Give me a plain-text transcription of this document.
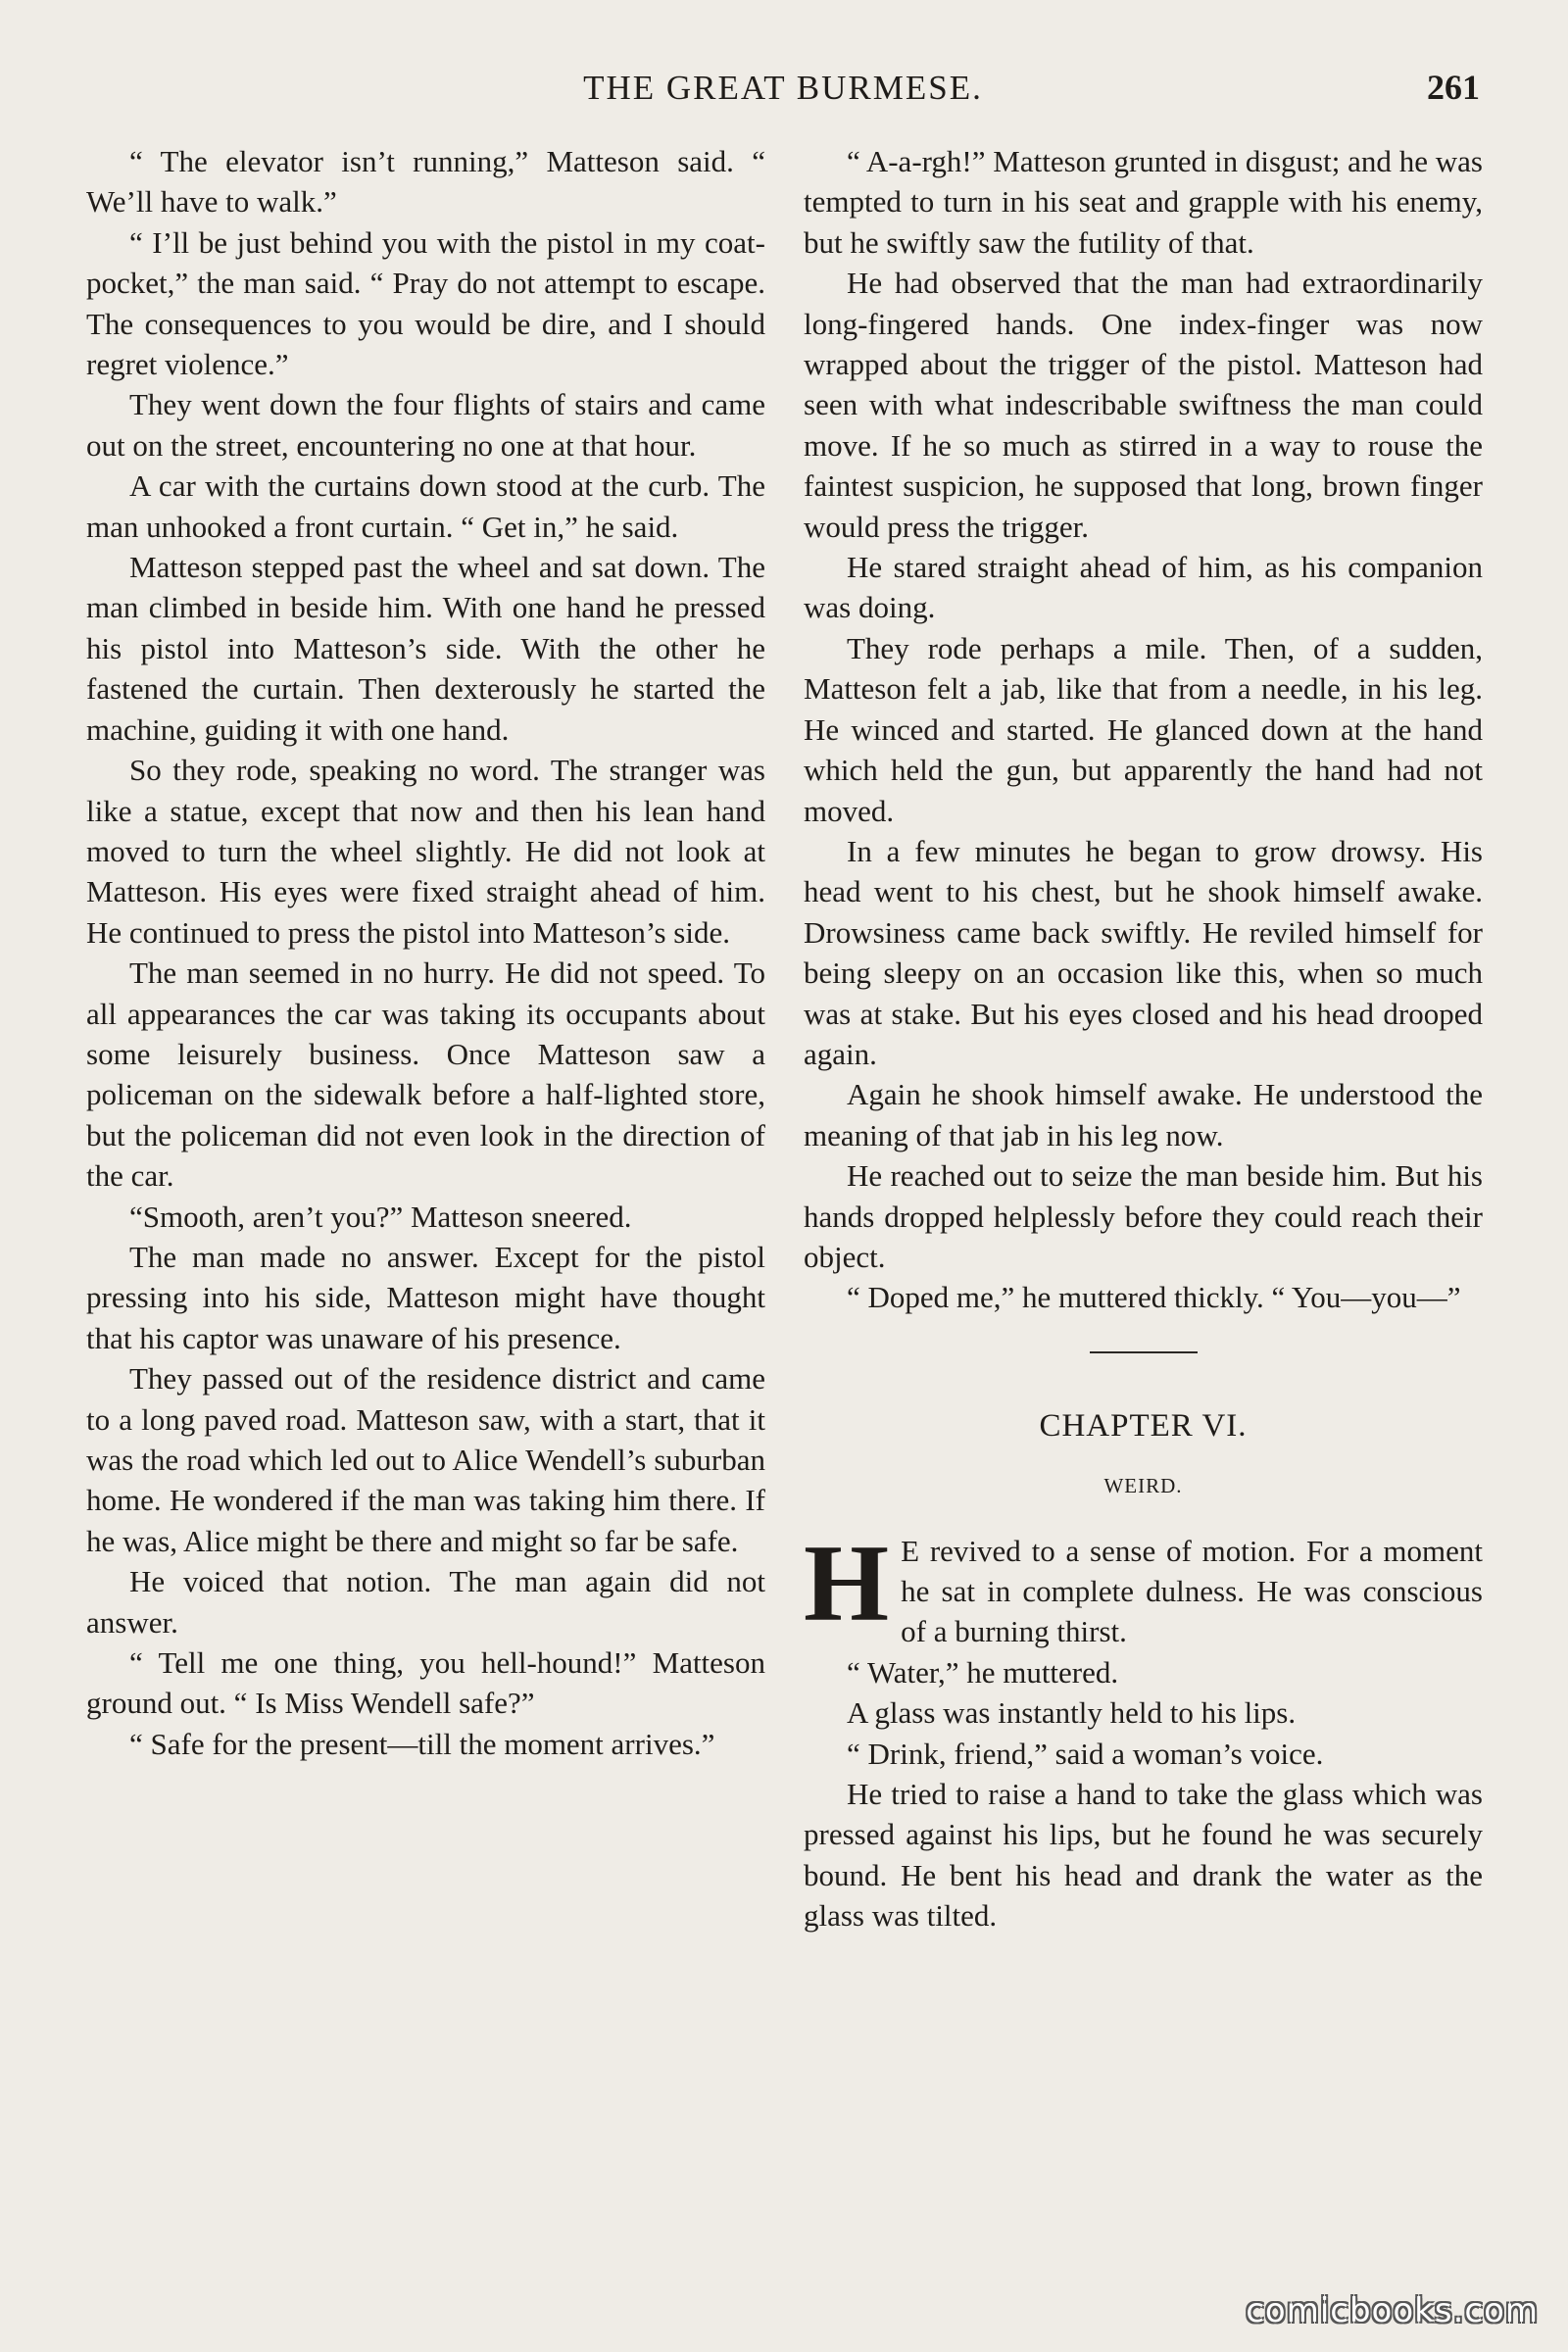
THE GREAT BURMESE.	261

“ The elevator isn’t running,” Matteson said. “ We’ll have to walk.”

“ I’ll be just behind you with the pistol in my coat-pocket,” the man said. “ Pray do not attempt to escape. The consequences to you would be dire, and I should regret violence.”

They went down the four flights of stairs and came out on the street, encountering no one at that hour.

A car with the curtains down stood at the curb. The man unhooked a front curtain. “ Get in,” he said.

Matteson stepped past the wheel and sat down. The man climbed in beside him. With one hand he pressed his pistol into Matteson’s side. With the other he fastened the curtain. Then dexterously he started the machine, guiding it with one hand.

So they rode, speaking no word. The stranger was like a statue, except that now and then his lean hand moved to turn the wheel slightly. He did not look at Matteson. His eyes were fixed straight ahead of him. He continued to press the pistol into Matteson’s side.

The man seemed in no hurry. He did not speed. To all appearances the car was taking its occupants about some leisurely business. Once Matteson saw a policeman on the sidewalk before a half-lighted store, but the policeman did not even look in the direction of the car.

“Smooth, aren’t you?” Matteson sneered.

The man made no answer. Except for the pistol pressing into his side, Matteson might have thought that his captor was unaware of his presence.

They passed out of the residence district and came to a long paved road. Matteson saw, with a start, that it was the road which led out to Alice Wendell’s suburban home. He wondered if the man was taking him there. If he was, Alice might be there and might so far be safe.

He voiced that notion. The man again did not answer.

“ Tell me one thing, you hell-hound!” Matteson ground out. “ Is Miss Wendell safe?”

“ Safe for the present—till the moment arrives.”

“ A-a-rgh!” Matteson grunted in disgust; and he was tempted to turn in his seat and grapple with his enemy, but he swiftly saw the futility of that.

He had observed that the man had extraordinarily long-fingered hands. One index-finger was now wrapped about the trigger of the pistol. Matteson had seen with what indescribable swiftness the man could move. If he so much as stirred in a way to rouse the faintest suspicion, he supposed that long, brown finger would press the trigger.

He stared straight ahead of him, as his companion was doing.

They rode perhaps a mile. Then, of a sudden, Matteson felt a jab, like that from a needle, in his leg. He winced and started. He glanced down at the hand which held the gun, but apparently the hand had not moved.

In a few minutes he began to grow drowsy. His head went to his chest, but he shook himself awake. Drowsiness came back swiftly. He reviled himself for being sleepy on an occasion like this, when so much was at stake. But his eyes closed and his head drooped again.

Again he shook himself awake. He understood the meaning of that jab in his leg now.

He reached out to seize the man beside him. But his hands dropped helplessly before they could reach their object.

“ Doped me,” he muttered thickly. “ You—you—”

CHAPTER VI.
WEIRD.

H E revived to a sense of motion. For a moment he sat in complete dulness. He was conscious of a burning thirst.

“ Water,” he muttered.

A glass was instantly held to his lips.

“ Drink, friend,” said a woman’s voice.

He tried to raise a hand to take the glass which was pressed against his lips, but he found he was securely bound. He bent his head and drank the water as the glass was tilted.

comicbooks.com
